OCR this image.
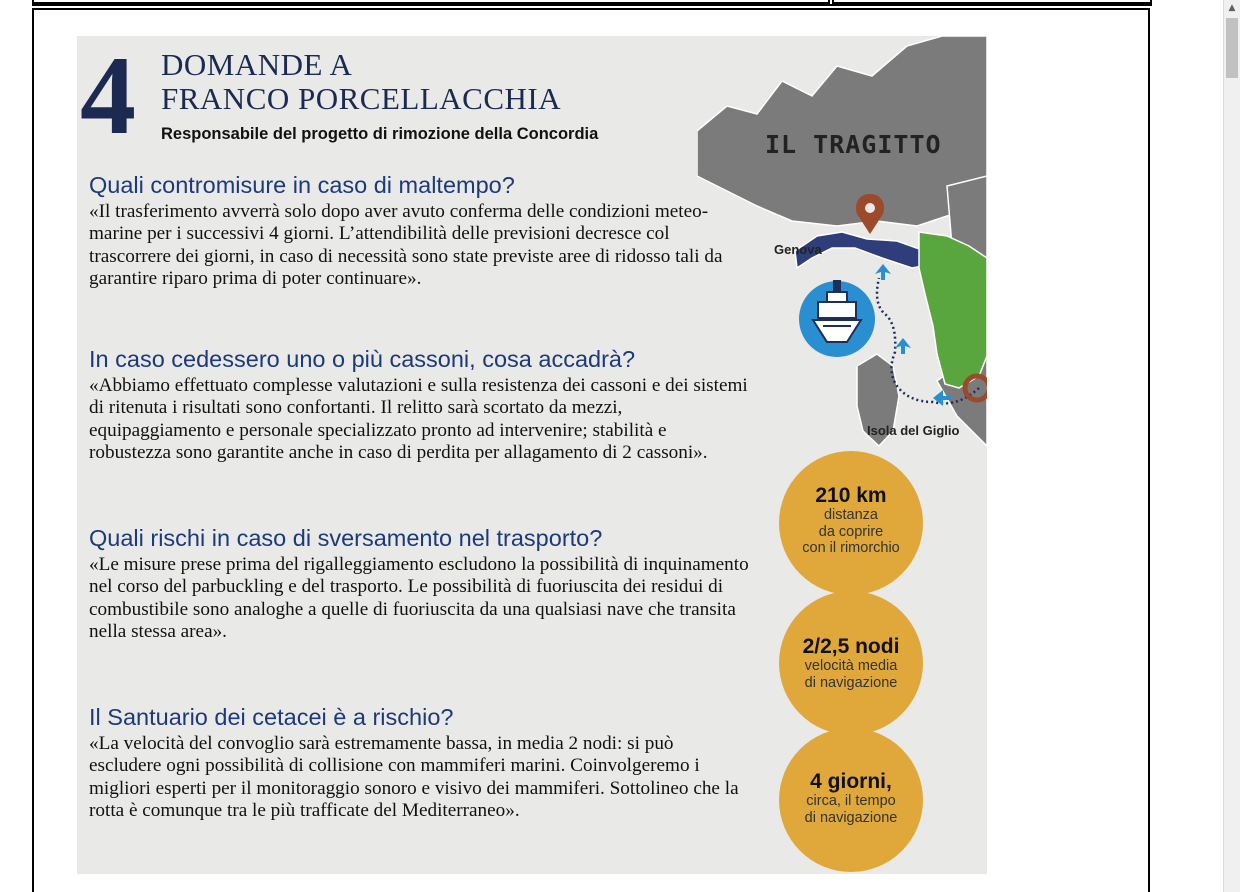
▲
4 DOMANDE A
FRANCO PORCELLACCHIA
Responsabile del progetto di rimozione della Concordia
Quali contromisure in caso di maltempo?
«Il trasferimento avverrà solo dopo aver avuto conferma delle condizioni meteo-marine per i successivi 4 giorni. L’attendibilità delle previsioni decresce col trascorrere dei giorni, in caso di necessità sono state previste aree di ridosso tali da garantire riparo prima di poter continuare».
In caso cedessero uno o più cassoni, cosa accadrà?
«Abbiamo effettuato complesse valutazioni e sulla resistenza dei cassoni e dei sistemi di ritenuta i risultati sono confortanti. Il relitto sarà scortato da mezzi, equipaggiamento e personale specializzato pronto ad intervenire; stabilità e robustezza sono garantite anche in caso di perdita per allagamento di 2 cassoni».
Quali rischi in caso di sversamento nel trasporto?
«Le misure prese prima del rigalleggiamento escludono la possibilità di inquinamento nel corso del parbuckling e del trasporto. Le possibilità di fuoriuscita dei residui di combustibile sono analoghe a quelle di fuoriuscita da una qualsiasi nave che transita nella stessa area».
Il Santuario dei cetacei è a rischio?
«La velocità del convoglio sarà estremamente bassa, in media 2 nodi: si può escludere ogni possibilità di collisione con mammiferi marini. Coinvolgeremo i migliori esperti per il monitoraggio sonoro e visivo dei mammiferi. Sottolineo che la rotta è comunque tra le più trafficate del Mediterraneo».
IL TRAGITTO
Genova
Isola del Giglio
210 km
distanza
da coprire
con il rimorchio
2/2,5 nodi
velocità media
di navigazione
4 giorni,
circa, il tempo
di navigazione
